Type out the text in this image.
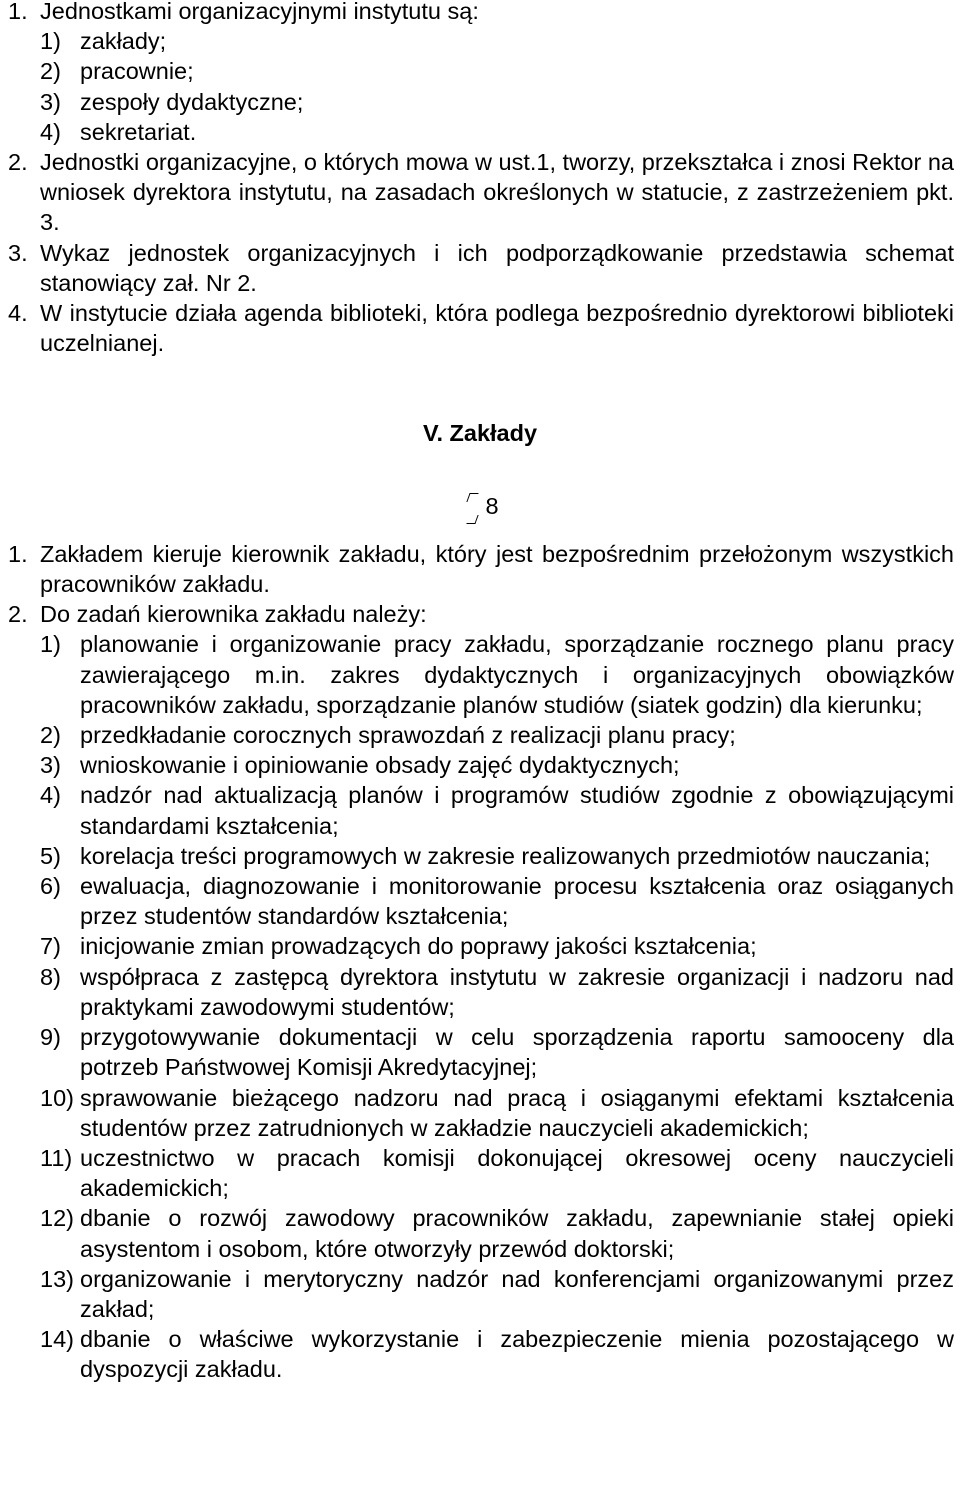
1. Jednostkami organizacyjnymi instytutu są:
1) zakłady;
2) pracownie;
3) zespoły dydaktyczne;
4) sekretariat.
2. Jednostki organizacyjne, o których mowa w ust.1, tworzy, przekształca i znosi Rektor na wniosek dyrektora instytutu, na zasadach określonych w statucie, z zastrzeżeniem pkt. 3.
3. Wykaz jednostek organizacyjnych i ich podporządkowanie przedstawia schemat stanowiący zał. Nr 2.
4. W instytucie działa agenda biblioteki, która podlega bezpośrednio dyrektorowi biblioteki uczelnianej.
V. Zakłady
8
1. Zakładem kieruje kierownik zakładu, który jest bezpośrednim przełożonym wszystkich pracowników zakładu.
2. Do zadań kierownika zakładu należy:
1) planowanie i organizowanie pracy zakładu, sporządzanie rocznego planu pracy zawierającego m.in. zakres dydaktycznych i organizacyjnych obowiązków pracowników zakładu, sporządzanie planów studiów (siatek godzin) dla kierunku;
2) przedkładanie corocznych sprawozdań z realizacji planu pracy;
3) wnioskowanie i opiniowanie obsady zajęć dydaktycznych;
4) nadzór nad aktualizacją planów i programów studiów zgodnie z obowiązującymi standardami kształcenia;
5) korelacja treści programowych w zakresie realizowanych przedmiotów nauczania;
6) ewaluacja, diagnozowanie i monitorowanie procesu kształcenia oraz osiąganych przez studentów standardów kształcenia;
7) inicjowanie zmian prowadzących do poprawy jakości kształcenia;
8) współpraca z zastępcą dyrektora instytutu w zakresie organizacji i nadzoru nad praktykami zawodowymi studentów;
9) przygotowywanie dokumentacji w celu sporządzenia raportu samooceny dla potrzeb Państwowej Komisji Akredytacyjnej;
10) sprawowanie bieżącego nadzoru nad pracą i osiąganymi efektami kształcenia studentów przez zatrudnionych w zakładzie nauczycieli akademickich;
11) uczestnictwo w pracach komisji dokonującej okresowej oceny nauczycieli akademickich;
12) dbanie o rozwój zawodowy pracowników zakładu, zapewnianie stałej opieki asystentom i osobom, które otworzyły przewód doktorski;
13) organizowanie i merytoryczny nadzór nad konferencjami organizowanymi przez zakład;
14) dbanie o właściwe wykorzystanie i zabezpieczenie mienia pozostającego w dyspozycji zakładu.
